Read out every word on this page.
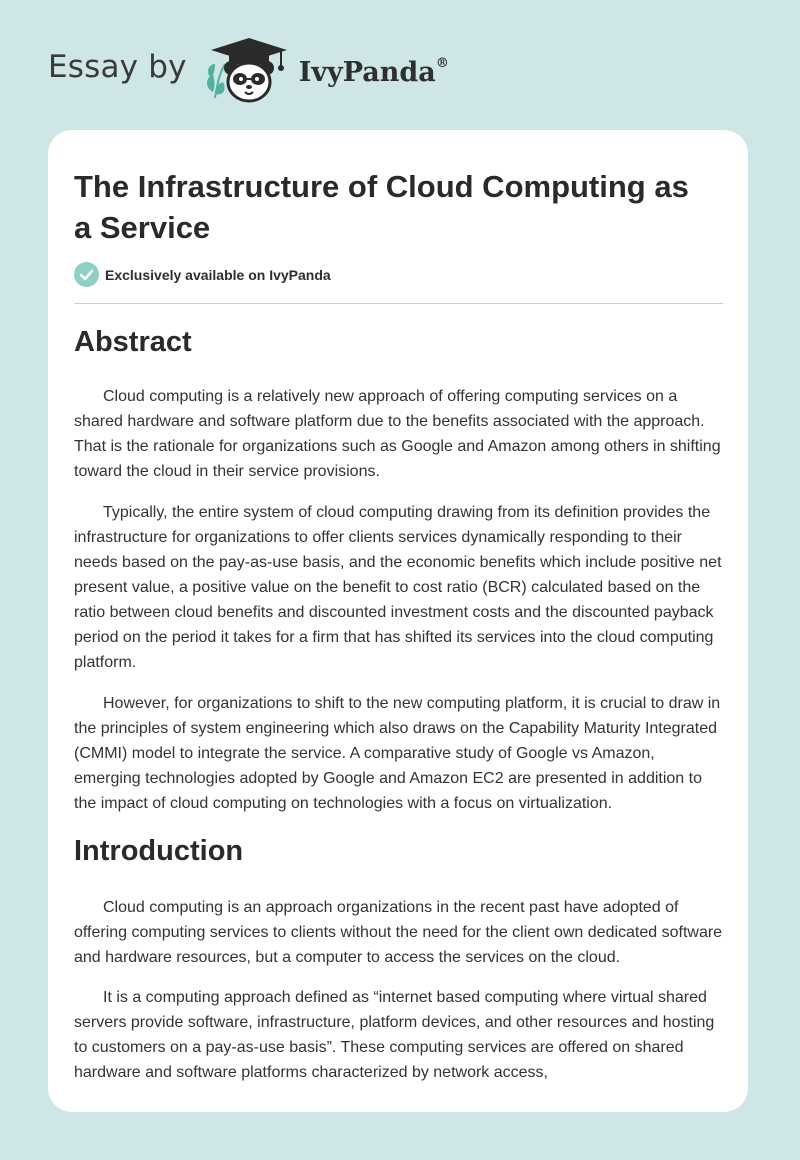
Essay by	IvyPanda®
The Infrastructure of Cloud Computing as a Service
Exclusively available on IvyPanda
Abstract

Cloud computing is a relatively new approach of offering computing services on a shared hardware and software platform due to the benefits associated with the approach. That is the rationale for organizations such as Google and Amazon among others in shifting toward the cloud in their service provisions.

Typically, the entire system of cloud computing drawing from its definition provides the infrastructure for organizations to offer clients services dynamically responding to their needs based on the pay-as-use basis, and the economic benefits which include positive net present value, a positive value on the benefit to cost ratio (BCR) calculated based on the ratio between cloud benefits and discounted investment costs and the discounted payback period on the period it takes for a firm that has shifted its services into the cloud computing platform.

However, for organizations to shift to the new computing platform, it is crucial to draw in the principles of system engineering which also draws on the Capability Maturity Integrated (CMMI) model to integrate the service. A comparative study of Google vs Amazon, emerging technologies adopted by Google and Amazon EC2 are presented in addition to the impact of cloud computing on technologies with a focus on virtualization.

Introduction

Cloud computing is an approach organizations in the recent past have adopted of offering computing services to clients without the need for the client own dedicated software and hardware resources, but a computer to access the services on the cloud.

It is a computing approach defined as “internet based computing where virtual shared servers provide software, infrastructure, platform devices, and other resources and hosting to customers on a pay-as-use basis”. These computing services are offered on shared hardware and software platforms characterized by network access,
